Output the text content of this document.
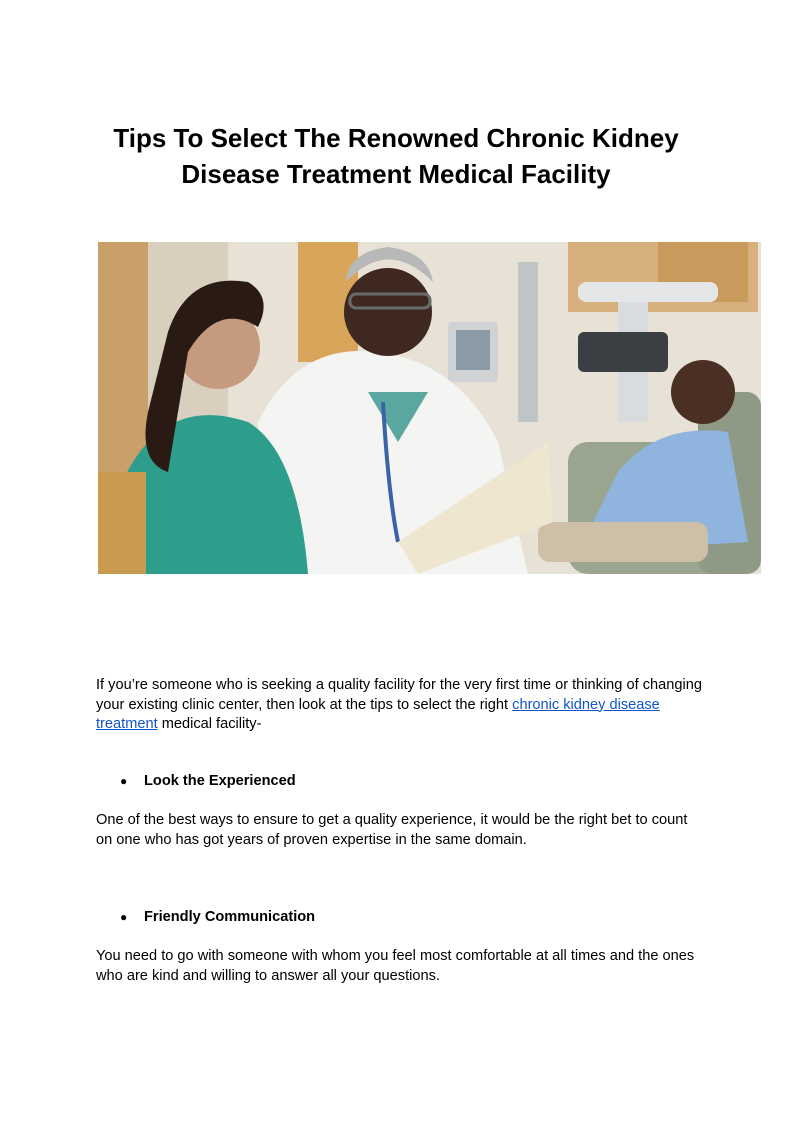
Tips To Select The Renowned Chronic Kidney
Disease Treatment Medical Facility

If you’re someone who is seeking a quality facility for the very first time or thinking of changing your existing clinic center, then look at the tips to select the right chronic kidney disease treatment medical facility-

●	Look the Experienced

One of the best ways to ensure to get a quality experience, it would be the right bet to count on one who has got years of proven expertise in the same domain.

●	Friendly Communication

You need to go with someone with whom you feel most comfortable at all times and the ones who are kind and willing to answer all your questions.
